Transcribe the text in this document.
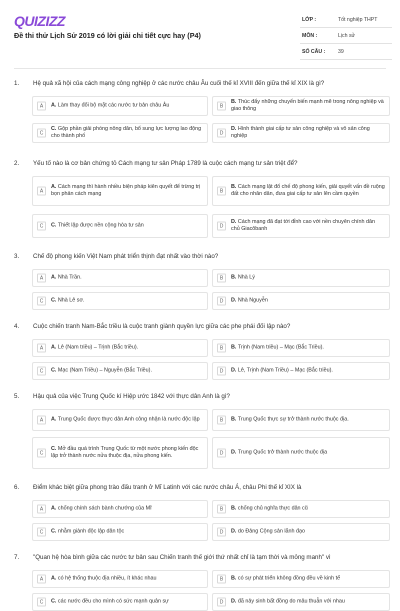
QUIZIZZ
Đề thi thử Lịch Sử 2019 có lời giải chi tiết cực hay (P4)
LỚP :	Tốt nghiệp THPT
MÔN :	Lịch sử
SỐ CÂU : 39
1. Hệ quả xã hội của cách mạng công nghiệp ở các nước châu Âu cuối thế kỉ XVIII đến giữa thế kỉ XIX là gì?
A	A. Làm thay đổi bộ mặt các nước tư bản châu Âu	B
B. Thúc đẩy những chuyển biến mạnh mẽ trong nông nghiệp và giao thông
C
C. Gộp phần giải phóng nông dân, bổ sung lực lượng lao động cho thành phố	D
D. Hình thành giai cấp tư sản công nghiệp và vô sản công nghiệp
2. Yếu tố nào là cơ bản chứng tỏ Cách mạng tư sản Pháp 1789 là cuộc cách mạng tư sản triệt để?
A
A. Cách mạng thì hành nhiều biện pháp kiên quyết để trừng trị bọn phản cách mạng	B
B. Cách mạng lật đổ chế độ phong kiến, giải quyết vấn đề ruộng đất cho nhân dân, đưa giai cấp tư sản lên cầm quyền
C	C. Thiết lập được nền cộng hòa tư sản	D
D. Cách mạng đã đạt tới đỉnh cao với nền chuyên chính dân chủ Giacôbanh
3. Chế độ phong kiến Việt Nam phát triển thịnh đạt nhất vào thời nào?
A	A. Nhà Trần.	B	B. Nhà Lý
C	C. Nhà Lê sơ.	D	D. Nhà Nguyễn
4. Cuộc chiến tranh Nam-Bắc triều là cuộc tranh giành quyền lực giữa các phe phái đối lập nào?
A	A. Lê (Nam triều) – Trịnh (Bắc triều).	B	B. Trịnh (Nam triều) – Mạc (Bắc Triều).
C	C. Mạc (Nam Triều) – Nguyễn (Bắc Triều).	D	D. Lê, Trịnh (Nam Triều) – Mạc (Bắc triều).
5. Hậu quả của việc Trung Quốc kí Hiệp ước 1842 với thực dân Anh là gì?
A	A. Trung Quốc được thực dân Anh công nhận là nước độc lập	B	B. Trung Quốc thực sự trở thành nước thuộc địa.
C
C. Mở đầu quá trình Trung Quốc từ một nước phong kiến độc lập trở thành nước nửa thuộc địa, nửa phong kiến.	D	D. Trung Quốc trở thành nước thuộc địa
6. Điểm khác biệt giữa phong trào đấu tranh ở Mĩ Latinh với các nước châu Á, châu Phi thế kỉ XIX là
A	A. chống chính sách bành chướng của Mĩ	B	B. chống chủ nghĩa thực dân cũ
C	C. nhằm giành độc lập dân tộc	D	D. do Đảng Cộng sản lãnh đạo
7. "Quan hệ hòa bình giữa các nước tư bản sau Chiến tranh thế giới thứ nhất chỉ là tạm thời và mỏng manh" vì
A	A. có hệ thống thuộc địa nhiều, ít khác nhau	B	B. có sự phát triển không đồng đều về kinh tế
C	C. các nước đều cho mình có sức mạnh quân sự	D	D. đã nảy sinh bất đồng do mâu thuẫn với nhau
